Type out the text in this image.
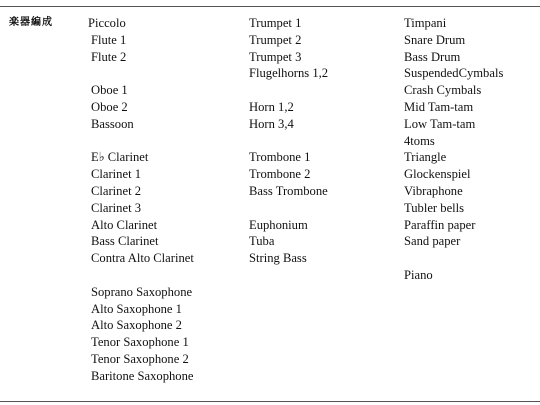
楽器編成	Piccolo
Flute 1
Flute 2
Oboe 1
Oboe 2
Bassoon
E♭ Clarinet
Clarinet 1
Clarinet 2
Clarinet 3
Alto Clarinet
Bass Clarinet
Contra Alto Clarinet
Soprano Saxophone
Alto Saxophone 1
Alto Saxophone 2
Tenor Saxophone 1
Tenor Saxophone 2
Baritone Saxophone
Trumpet 1
Trumpet 2
Trumpet 3
Flugelhorns 1,2
Horn 1,2
Horn 3,4
Trombone 1
Trombone 2
Bass Trombone
Euphonium
Tuba
String Bass
Timpani
Snare Drum
Bass Drum
SuspendedCymbals
Crash Cymbals
Mid Tam-tam
Low Tam-tam
4toms
Triangle
Glockenspiel
Vibraphone
Tubler bells
Paraffin paper
Sand paper
Piano
